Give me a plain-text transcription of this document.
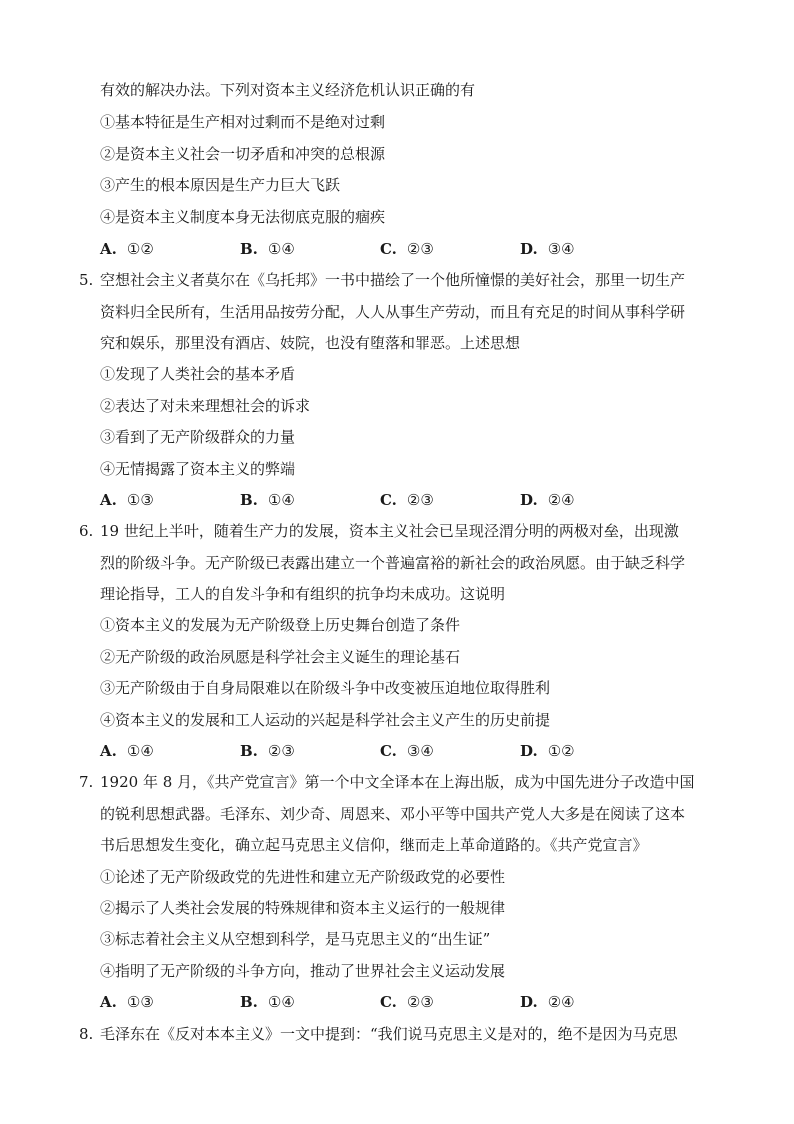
有效的解决办法。下列对资本主义经济危机认识正确的有
①基本特征是生产相对过剩而不是绝对过剩
②是资本主义社会一切矛盾和冲突的总根源
③产生的根本原因是生产力巨大飞跃
④是资本主义制度本身无法彻底克服的痼疾
A. ①②	B. ①④	C. ②③	D. ③④
5. 空想社会主义者莫尔在《乌托邦》一书中描绘了一个他所憧憬的美好社会，那里一切生产
资料归全民所有，生活用品按劳分配，人人从事生产劳动，而且有充足的时间从事科学研
究和娱乐，那里没有酒店、妓院，也没有堕落和罪恶。上述思想
①发现了人类社会的基本矛盾
②表达了对未来理想社会的诉求
③看到了无产阶级群众的力量
④无情揭露了资本主义的弊端
A. ①③	B. ①④	C. ②③	D. ②④
6. 19 世纪上半叶，随着生产力的发展，资本主义社会已呈现泾渭分明的两极对垒，出现激
烈的阶级斗争。无产阶级已表露出建立一个普遍富裕的新社会的政治夙愿。由于缺乏科学
理论指导，工人的自发斗争和有组织的抗争均未成功。这说明
①资本主义的发展为无产阶级登上历史舞台创造了条件
②无产阶级的政治夙愿是科学社会主义诞生的理论基石
③无产阶级由于自身局限难以在阶级斗争中改变被压迫地位取得胜利
④资本主义的发展和工人运动的兴起是科学社会主义产生的历史前提
A. ①④	B. ②③	C. ③④	D. ①②
7. 1920 年 8 月，《共产党宣言》第一个中文全译本在上海出版，成为中国先进分子改造中国
的锐利思想武器。毛泽东、刘少奇、周恩来、邓小平等中国共产党人大多是在阅读了这本
书后思想发生变化，确立起马克思主义信仰，继而走上革命道路的。《共产党宣言》
①论述了无产阶级政党的先进性和建立无产阶级政党的必要性
②揭示了人类社会发展的特殊规律和资本主义运行的一般规律
③标志着社会主义从空想到科学，是马克思主义的“出生证”
④指明了无产阶级的斗争方向，推动了世界社会主义运动发展
A. ①③	B. ①④	C. ②③	D. ②④
8. 毛泽东在《反对本本主义》一文中提到：“我们说马克思主义是对的，绝不是因为马克思
